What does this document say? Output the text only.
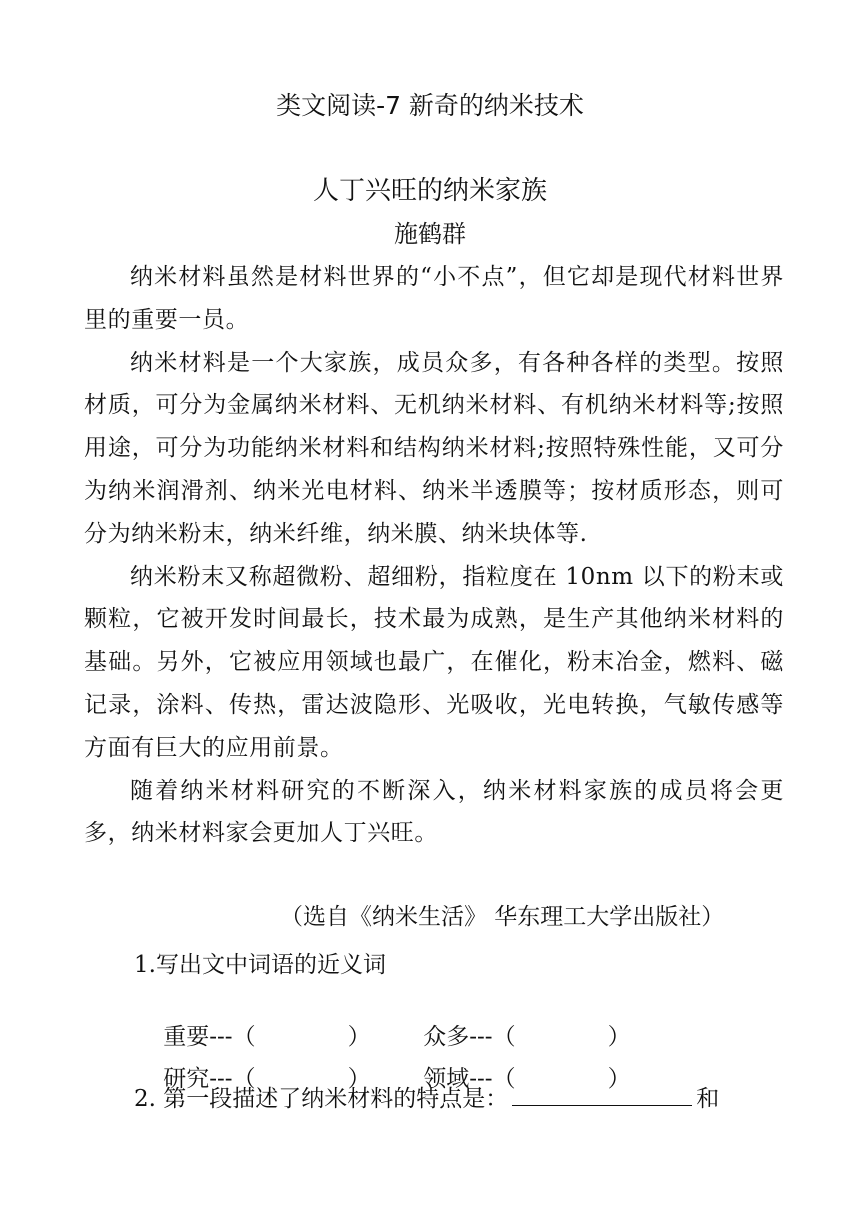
类文阅读-7 新奇的纳米技术
人丁兴旺的纳米家族
施鹤群

纳米材料虽然是材料世界的“小不点”，但它却是现代材料世界里的重要一员。

纳米材料是一个大家族，成员众多，有各种各样的类型。按照材质，可分为金属纳米材料、无机纳米材料、有机纳米材料等;按照用途，可分为功能纳米材料和结构纳米材料;按照特殊性能，又可分为纳米润滑剂、纳米光电材料、纳米半透膜等；按材质形态，则可分为纳米粉末，纳米纤维，纳米膜、纳米块体等.

纳米粉末又称超微粉、超细粉，指粒度在 10nm 以下的粉末或颗粒，它被开发时间最长，技术最为成熟，是生产其他纳米材料的基础。另外，它被应用领域也最广，在催化，粉末冶金，燃料、磁记录，涂料、传热，雷达波隐形、光吸收，光电转换，气敏传感等方面有巨大的应用前景。

随着纳米材料研究的不断深入，纳米材料家族的成员将会更多，纳米材料家会更加人丁兴旺。

（选自《纳米生活》 华东理工大学出版社）
1.写出文中词语的近义词

重要---（　　　　） 众多---（　　　　）

研究---（　　　　） 领域---（　　　　）

2. 第一段描述了纳米材料的特点是：	和
